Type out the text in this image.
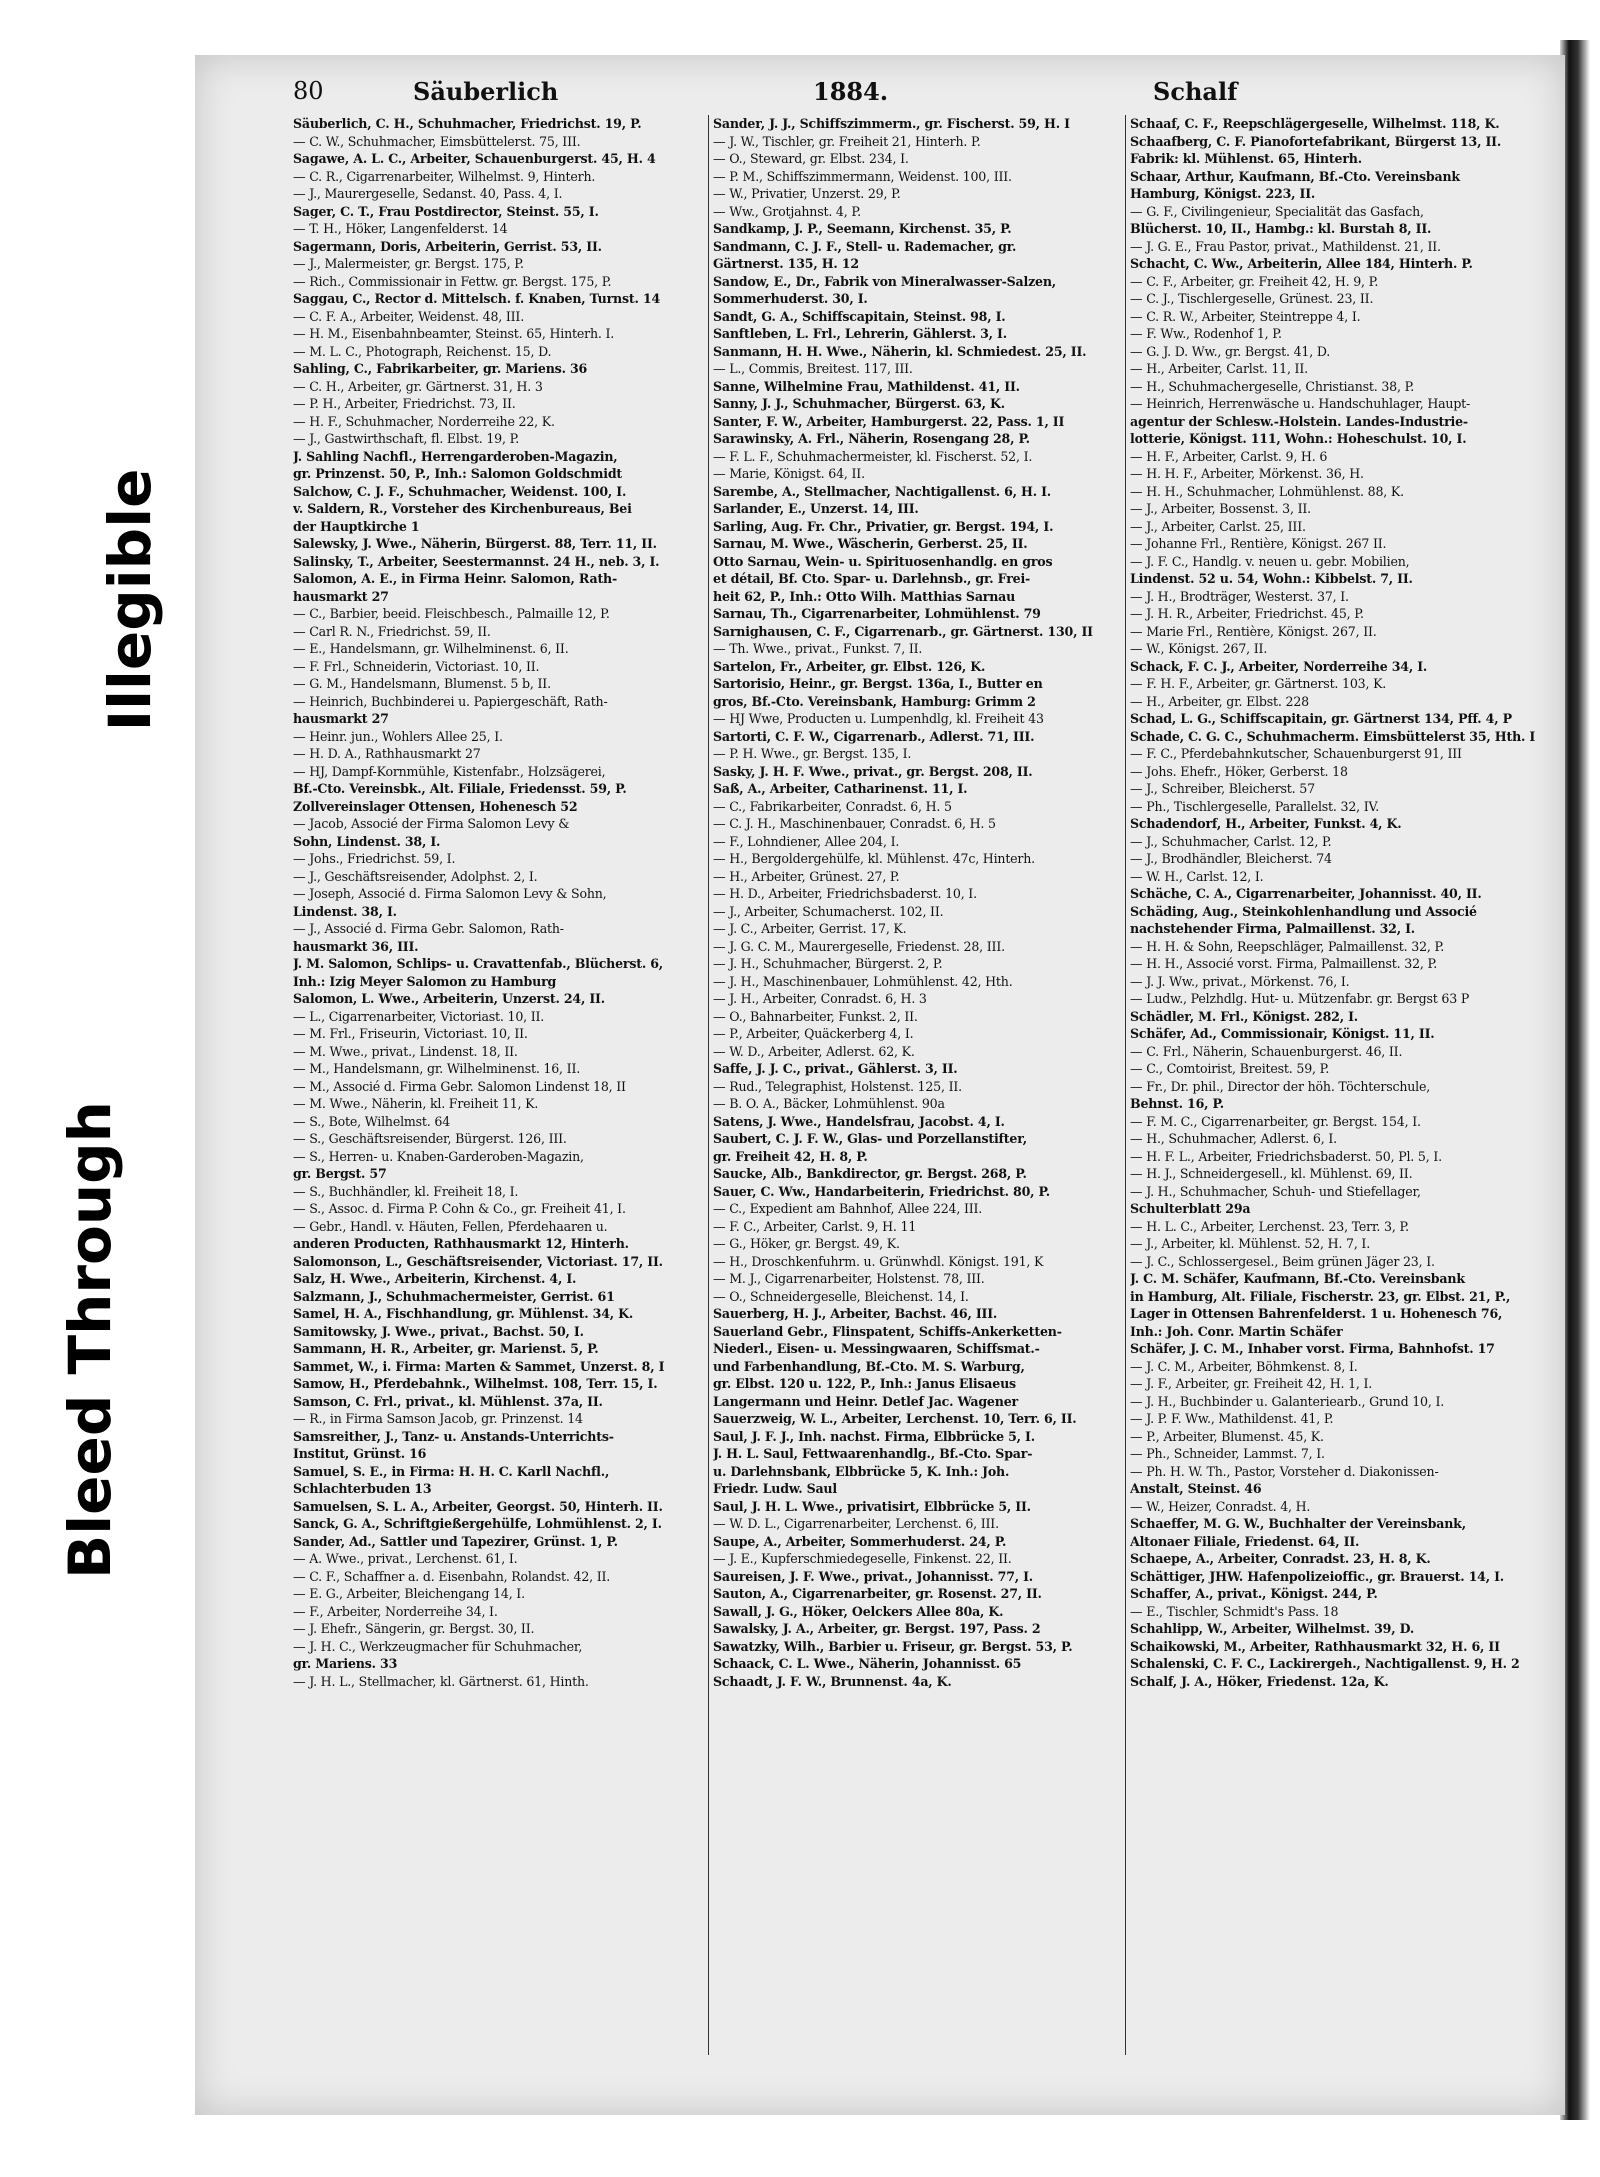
Illegible
Bleed Through
80	Säuberlich	1884.	Schalf
Säuberlich, C. H., Schuhmacher, Friedrichst. 19, P.
— C. W., Schuhmacher, Eimsbüttelerst. 75, III.
Sagawe, A. L. C., Arbeiter, Schauenburgerst. 45, H. 4
— C. R., Cigarrenarbeiter, Wilhelmst. 9, Hinterh.
— J., Maurergeselle, Sedanst. 40, Pass. 4, I.
Sager, C. T., Frau Postdirector, Steinst. 55, I.
— T. H., Höker, Langenfelderst. 14
Sagermann, Doris, Arbeiterin, Gerrist. 53, II.
— J., Malermeister, gr. Bergst. 175, P.
— Rich., Commissionair in Fettw. gr. Bergst. 175, P.
Saggau, C., Rector d. Mittelsch. f. Knaben, Turnst. 14
— C. F. A., Arbeiter, Weidenst. 48, III.
— H. M., Eisenbahnbeamter, Steinst. 65, Hinterh. I.
— M. L. C., Photograph, Reichenst. 15, D.
Sahling, C., Fabrikarbeiter, gr. Mariens. 36
— C. H., Arbeiter, gr. Gärtnerst. 31, H. 3
— P. H., Arbeiter, Friedrichst. 73, II.
— H. F., Schuhmacher, Norderreihe 22, K.
— J., Gastwirthschaft, fl. Elbst. 19, P.
J. Sahling Nachfl., Herrengarderoben-Magazin,
gr. Prinzenst. 50, P., Inh.: Salomon Goldschmidt
Salchow, C. J. F., Schuhmacher, Weidenst. 100, I.
v. Saldern, R., Vorsteher des Kirchenbureaus, Bei
der Hauptkirche 1
Salewsky, J. Wwe., Näherin, Bürgerst. 88, Terr. 11, II.
Salinsky, T., Arbeiter, Seestermannst. 24 H., neb. 3, I.
Salomon, A. E., in Firma Heinr. Salomon, Rath-
hausmarkt 27
— C., Barbier, beeid. Fleischbesch., Palmaille 12, P.
— Carl R. N., Friedrichst. 59, II.
— E., Handelsmann, gr. Wilhelminenst. 6, II.
— F. Frl., Schneiderin, Victoriast. 10, II.
— G. M., Handelsmann, Blumenst. 5 b, II.
— Heinrich, Buchbinderei u. Papiergeschäft, Rath-
hausmarkt 27
— Heinr. jun., Wohlers Allee 25, I.
— H. D. A., Rathhausmarkt 27
— HJ, Dampf-Kornmühle, Kistenfabr., Holzsägerei,
Bf.-Cto. Vereinsbk., Alt. Filiale, Friedensst. 59, P.
Zollvereinslager Ottensen, Hohenesch 52
— Jacob, Associé der Firma Salomon Levy &
Sohn, Lindenst. 38, I.
— Johs., Friedrichst. 59, I.
— J., Geschäftsreisender, Adolphst. 2, I.
— Joseph, Associé d. Firma Salomon Levy & Sohn,
Lindenst. 38, I.
— J., Associé d. Firma Gebr. Salomon, Rath-
hausmarkt 36, III.
J. M. Salomon, Schlips- u. Cravattenfab., Blücherst. 6,
Inh.: Izig Meyer Salomon zu Hamburg
Salomon, L. Wwe., Arbeiterin, Unzerst. 24, II.
— L., Cigarrenarbeiter, Victoriast. 10, II.
— M. Frl., Friseurin, Victoriast. 10, II.
— M. Wwe., privat., Lindenst. 18, II.
— M., Handelsmann, gr. Wilhelminenst. 16, II.
— M., Associé d. Firma Gebr. Salomon Lindenst 18, II
— M. Wwe., Näherin, kl. Freiheit 11, K.
— S., Bote, Wilhelmst. 64
— S., Geschäftsreisender, Bürgerst. 126, III.
— S., Herren- u. Knaben-Garderoben-Magazin,
gr. Bergst. 57
— S., Buchhändler, kl. Freiheit 18, I.
— S., Assoc. d. Firma P. Cohn & Co., gr. Freiheit 41, I.
— Gebr., Handl. v. Häuten, Fellen, Pferdehaaren u.
anderen Producten, Rathhausmarkt 12, Hinterh.
Salomonson, L., Geschäftsreisender, Victoriast. 17, II.
Salz, H. Wwe., Arbeiterin, Kirchenst. 4, I.
Salzmann, J., Schuhmachermeister, Gerrist. 61
Samel, H. A., Fischhandlung, gr. Mühlenst. 34, K.
Samitowsky, J. Wwe., privat., Bachst. 50, I.
Sammann, H. R., Arbeiter, gr. Marienst. 5, P.
Sammet, W., i. Firma: Marten & Sammet, Unzerst. 8, I
Samow, H., Pferdebahnk., Wilhelmst. 108, Terr. 15, I.
Samson, C. Frl., privat., kl. Mühlenst. 37a, II.
— R., in Firma Samson Jacob, gr. Prinzenst. 14
Samsreither, J., Tanz- u. Anstands-Unterrichts-
Institut, Grünst. 16
Samuel, S. E., in Firma: H. H. C. Karll Nachfl.,
Schlachterbuden 13
Samuelsen, S. L. A., Arbeiter, Georgst. 50, Hinterh. II.
Sanck, G. A., Schriftgießergehülfe, Lohmühlenst. 2, I.
Sander, Ad., Sattler und Tapezirer, Grünst. 1, P.
— A. Wwe., privat., Lerchenst. 61, I.
— C. F., Schaffner a. d. Eisenbahn, Rolandst. 42, II.
— E. G., Arbeiter, Bleichengang 14, I.
— F., Arbeiter, Norderreihe 34, I.
— J. Ehefr., Sängerin, gr. Bergst. 30, II.
— J. H. C., Werkzeugmacher für Schuhmacher,
gr. Mariens. 33
— J. H. L., Stellmacher, kl. Gärtnerst. 61, Hinth.
Sander, J. J., Schiffszimmerm., gr. Fischerst. 59, H. I
— J. W., Tischler, gr. Freiheit 21, Hinterh. P.
— O., Steward, gr. Elbst. 234, I.
— P. M., Schiffszimmermann, Weidenst. 100, III.
— W., Privatier, Unzerst. 29, P.
— Ww., Grotjahnst. 4, P.
Sandkamp, J. P., Seemann, Kirchenst. 35, P.
Sandmann, C. J. F., Stell- u. Rademacher, gr.
Gärtnerst. 135, H. 12
Sandow, E., Dr., Fabrik von Mineralwasser-Salzen,
Sommerhuderst. 30, I.
Sandt, G. A., Schiffscapitain, Steinst. 98, I.
Sanftleben, L. Frl., Lehrerin, Gählerst. 3, I.
Sanmann, H. H. Wwe., Näherin, kl. Schmiedest. 25, II.
— L., Commis, Breitest. 117, III.
Sanne, Wilhelmine Frau, Mathildenst. 41, II.
Sanny, J. J., Schuhmacher, Bürgerst. 63, K.
Santer, F. W., Arbeiter, Hamburgerst. 22, Pass. 1, II
Sarawinsky, A. Frl., Näherin, Rosengang 28, P.
— F. L. F., Schuhmachermeister, kl. Fischerst. 52, I.
— Marie, Königst. 64, II.
Sarembe, A., Stellmacher, Nachtigallenst. 6, H. I.
Sarlander, E., Unzerst. 14, III.
Sarling, Aug. Fr. Chr., Privatier, gr. Bergst. 194, I.
Sarnau, M. Wwe., Wäscherin, Gerberst. 25, II.
Otto Sarnau, Wein- u. Spirituosenhandlg. en gros
et détail, Bf. Cto. Spar- u. Darlehnsb., gr. Frei-
heit 62, P., Inh.: Otto Wilh. Matthias Sarnau
Sarnau, Th., Cigarrenarbeiter, Lohmühlenst. 79
Sarnighausen, C. F., Cigarrenarb., gr. Gärtnerst. 130, II
— Th. Wwe., privat., Funkst. 7, II.
Sartelon, Fr., Arbeiter, gr. Elbst. 126, K.
Sartorisio, Heinr., gr. Bergst. 136a, I., Butter en
gros, Bf.-Cto. Vereinsbank, Hamburg: Grimm 2
— HJ Wwe, Producten u. Lumpenhdlg, kl. Freiheit 43
Sartorti, C. F. W., Cigarrenarb., Adlerst. 71, III.
— P. H. Wwe., gr. Bergst. 135, I.
Sasky, J. H. F. Wwe., privat., gr. Bergst. 208, II.
Saß, A., Arbeiter, Catharinenst. 11, I.
— C., Fabrikarbeiter, Conradst. 6, H. 5
— C. J. H., Maschinenbauer, Conradst. 6, H. 5
— F., Lohndiener, Allee 204, I.
— H., Bergoldergehülfe, kl. Mühlenst. 47c, Hinterh.
— H., Arbeiter, Grünest. 27, P.
— H. D., Arbeiter, Friedrichsbaderst. 10, I.
— J., Arbeiter, Schumacherst. 102, II.
— J. C., Arbeiter, Gerrist. 17, K.
— J. G. C. M., Maurergeselle, Friedenst. 28, III.
— J. H., Schuhmacher, Bürgerst. 2, P.
— J. H., Maschinenbauer, Lohmühlenst. 42, Hth.
— J. H., Arbeiter, Conradst. 6, H. 3
— O., Bahnarbeiter, Funkst. 2, II.
— P., Arbeiter, Quäckerberg 4, I.
— W. D., Arbeiter, Adlerst. 62, K.
Saffe, J. J. C., privat., Gählerst. 3, II.
— Rud., Telegraphist, Holstenst. 125, II.
— B. O. A., Bäcker, Lohmühlenst. 90a
Satens, J. Wwe., Handelsfrau, Jacobst. 4, I.
Saubert, C. J. F. W., Glas- und Porzellanstifter,
gr. Freiheit 42, H. 8, P.
Saucke, Alb., Bankdirector, gr. Bergst. 268, P.
Sauer, C. Ww., Handarbeiterin, Friedrichst. 80, P.
— C., Expedient am Bahnhof, Allee 224, III.
— F. C., Arbeiter, Carlst. 9, H. 11
— G., Höker, gr. Bergst. 49, K.
— H., Droschkenfuhrm. u. Grünwhdl. Königst. 191, K
— M. J., Cigarrenarbeiter, Holstenst. 78, III.
— O., Schneidergeselle, Bleichenst. 14, I.
Sauerberg, H. J., Arbeiter, Bachst. 46, III.
Sauerland Gebr., Flinspatent, Schiffs-Ankerketten-
Niederl., Eisen- u. Messingwaaren, Schiffsmat.-
und Farbenhandlung, Bf.-Cto. M. S. Warburg,
gr. Elbst. 120 u. 122, P., Inh.: Janus Elisaeus
Langermann und Heinr. Detlef Jac. Wagener
Sauerzweig, W. L., Arbeiter, Lerchenst. 10, Terr. 6, II.
Saul, J. F. J., Inh. nachst. Firma, Elbbrücke 5, I.
J. H. L. Saul, Fettwaarenhandlg., Bf.-Cto. Spar-
u. Darlehnsbank, Elbbrücke 5, K. Inh.: Joh.
Friedr. Ludw. Saul
Saul, J. H. L. Wwe., privatisirt, Elbbrücke 5, II.
— W. D. L., Cigarrenarbeiter, Lerchenst. 6, III.
Saupe, A., Arbeiter, Sommerhuderst. 24, P.
— J. E., Kupferschmiedegeselle, Finkenst. 22, II.
Saureisen, J. F. Wwe., privat., Johannisst. 77, I.
Sauton, A., Cigarrenarbeiter, gr. Rosenst. 27, II.
Sawall, J. G., Höker, Oelckers Allee 80a, K.
Sawalsky, J. A., Arbeiter, gr. Bergst. 197, Pass. 2
Sawatzky, Wilh., Barbier u. Friseur, gr. Bergst. 53, P.
Schaack, C. L. Wwe., Näherin, Johannisst. 65
Schaadt, J. F. W., Brunnenst. 4a, K.
Schaaf, C. F., Reepschlägergeselle, Wilhelmst. 118, K.
Schaafberg, C. F. Pianofortefabrikant, Bürgerst 13, II.
Fabrik: kl. Mühlenst. 65, Hinterh.
Schaar, Arthur, Kaufmann, Bf.-Cto. Vereinsbank
Hamburg, Königst. 223, II.
— G. F., Civilingenieur, Specialität das Gasfach,
Blücherst. 10, II., Hambg.: kl. Burstah 8, II.
— J. G. E., Frau Pastor, privat., Mathildenst. 21, II.
Schacht, C. Ww., Arbeiterin, Allee 184, Hinterh. P.
— C. F., Arbeiter, gr. Freiheit 42, H. 9, P.
— C. J., Tischlergeselle, Grünest. 23, II.
— C. R. W., Arbeiter, Steintreppe 4, I.
— F. Ww., Rodenhof 1, P.
— G. J. D. Ww., gr. Bergst. 41, D.
— H., Arbeiter, Carlst. 11, II.
— H., Schuhmachergeselle, Christianst. 38, P.
— Heinrich, Herrenwäsche u. Handschuhlager, Haupt-
agentur der Schlesw.-Holstein. Landes-Industrie-
lotterie, Königst. 111, Wohn.: Hoheschulst. 10, I.
— H. F., Arbeiter, Carlst. 9, H. 6
— H. H. F., Arbeiter, Mörkenst. 36, H.
— H. H., Schuhmacher, Lohmühlenst. 88, K.
— J., Arbeiter, Bossenst. 3, II.
— J., Arbeiter, Carlst. 25, III.
— Johanne Frl., Rentière, Königst. 267 II.
— J. F. C., Handlg. v. neuen u. gebr. Mobilien,
Lindenst. 52 u. 54, Wohn.: Kibbelst. 7, II.
— J. H., Brodträger, Westerst. 37, I.
— J. H. R., Arbeiter, Friedrichst. 45, P.
— Marie Frl., Rentière, Königst. 267, II.
— W., Königst. 267, II.
Schack, F. C. J., Arbeiter, Norderreihe 34, I.
— F. H. F., Arbeiter, gr. Gärtnerst. 103, K.
— H., Arbeiter, gr. Elbst. 228
Schad, L. G., Schiffscapitain, gr. Gärtnerst 134, Pff. 4, P
Schade, C. G. C., Schuhmacherm. Eimsbüttelerst 35, Hth. I
— F. C., Pferdebahnkutscher, Schauenburgerst 91, III
— Johs. Ehefr., Höker, Gerberst. 18
— J., Schreiber, Bleicherst. 57
— Ph., Tischlergeselle, Parallelst. 32, IV.
Schadendorf, H., Arbeiter, Funkst. 4, K.
— J., Schuhmacher, Carlst. 12, P.
— J., Brodhändler, Bleicherst. 74
— W. H., Carlst. 12, I.
Schäche, C. A., Cigarrenarbeiter, Johannisst. 40, II.
Schäding, Aug., Steinkohlenhandlung und Associé
nachstehender Firma, Palmaillenst. 32, I.
— H. H. & Sohn, Reepschläger, Palmaillenst. 32, P.
— H. H., Associé vorst. Firma, Palmaillenst. 32, P.
— J. J. Ww., privat., Mörkenst. 76, I.
— Ludw., Pelzhdlg. Hut- u. Mützenfabr. gr. Bergst 63 P
Schädler, M. Frl., Königst. 282, I.
Schäfer, Ad., Commissionair, Königst. 11, II.
— C. Frl., Näherin, Schauenburgerst. 46, II.
— C., Comtoirist, Breitest. 59, P.
— Fr., Dr. phil., Director der höh. Töchterschule,
Behnst. 16, P.
— F. M. C., Cigarrenarbeiter, gr. Bergst. 154, I.
— H., Schuhmacher, Adlerst. 6, I.
— H. F. L., Arbeiter, Friedrichsbaderst. 50, Pl. 5, I.
— H. J., Schneidergesell., kl. Mühlenst. 69, II.
— J. H., Schuhmacher, Schuh- und Stiefellager,
Schulterblatt 29a
— H. L. C., Arbeiter, Lerchenst. 23, Terr. 3, P.
— J., Arbeiter, kl. Mühlenst. 52, H. 7, I.
— J. C., Schlossergesel., Beim grünen Jäger 23, I.
J. C. M. Schäfer, Kaufmann, Bf.-Cto. Vereinsbank
in Hamburg, Alt. Filiale, Fischerstr. 23, gr. Elbst. 21, P.,
Lager in Ottensen Bahrenfelderst. 1 u. Hohenesch 76,
Inh.: Joh. Conr. Martin Schäfer
Schäfer, J. C. M., Inhaber vorst. Firma, Bahnhofst. 17
— J. C. M., Arbeiter, Böhmkenst. 8, I.
— J. F., Arbeiter, gr. Freiheit 42, H. 1, I.
— J. H., Buchbinder u. Galanteriearb., Grund 10, I.
— J. P. F. Ww., Mathildenst. 41, P.
— P., Arbeiter, Blumenst. 45, K.
— Ph., Schneider, Lammst. 7, I.
— Ph. H. W. Th., Pastor, Vorsteher d. Diakonissen-
Anstalt, Steinst. 46
— W., Heizer, Conradst. 4, H.
Schaeffer, M. G. W., Buchhalter der Vereinsbank,
Altonaer Filiale, Friedenst. 64, II.
Schaepe, A., Arbeiter, Conradst. 23, H. 8, K.
Schättiger, JHW. Hafenpolizeioffic., gr. Brauerst. 14, I.
Schaffer, A., privat., Königst. 244, P.
— E., Tischler, Schmidt's Pass. 18
Schahlipp, W., Arbeiter, Wilhelmst. 39, D.
Schaikowski, M., Arbeiter, Rathhausmarkt 32, H. 6, II
Schalenski, C. F. C., Lackirergeh., Nachtigallenst. 9, H. 2
Schalf, J. A., Höker, Friedenst. 12a, K.
